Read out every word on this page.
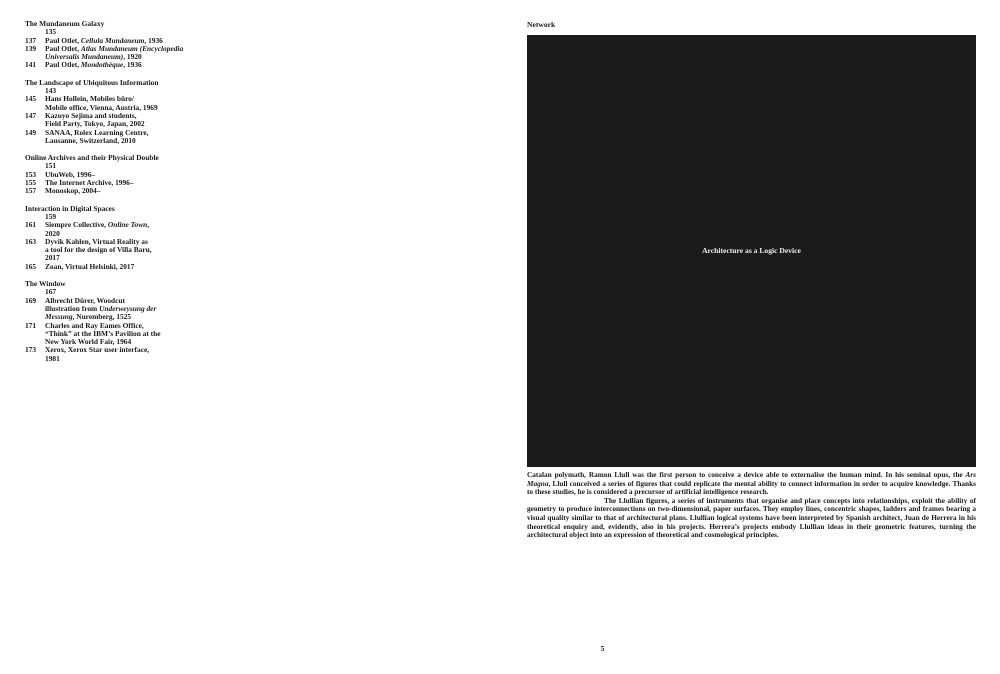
The Mundaneum Galaxy
135
137	Paul Otlet, Cellula Mundaneum, 1936
139	Paul Otlet, Atlas Mundaneum (Encyclopedia Universalis Mundaneum), 1920
141	Paul Otlet, Mondothèque, 1936
The Landscape of Ubiquitous Information
143
145	Hans Hollein, Mobiles büro/
Mobile office, Vienna, Austria, 1969
147	Kazuyo Sejima and students,
Field Party, Tokyo, Japan, 2002
149	SANAA, Rolex Learning Centre,
Lausanne, Switzerland, 2010
Online Archives and their Physical Double
151
153	UbuWeb, 1996–
155	The Internet Archive, 1996–
157	Monoskop, 2004–
Interaction in Digital Spaces
159
161	Siempre Collective, Online Town,
2020
163	Dyvik Kahlen, Virtual Reality as
a tool for the design of Villa Baru,
2017
165	Zoan, Virtual Helsinki, 2017
The Window
167
169	Albrecht Dürer, Woodcut
illustration from Underweysung der Messung, Nuremberg, 1525
171	Charles and Ray Eames Office,
“Think” at the IBM’s Pavilion at the
New York World Fair, 1964
173	Xerox, Xerox Star user interface,
1981
Network
Architecture as a Logic Device

Catalan polymath, Ramon Llull was the first person to conceive a device able to externalise the human mind. In his seminal opus, the Ars Magna, Llull conceived a series of figures that could replicate the mental ability to connect information in order to acquire knowledge. Thanks to these studies, he is considered a precursor of artificial intelligence research.

The Llullian figures, a series of instruments that organise and place concepts into relationships, exploit the ability of geometry to produce interconnections on two-dimensional, paper surfaces. They employ lines, concentric shapes, ladders and frames bearing a visual quality similar to that of architectural plans. Llullian logical systems have been interpreted by Spanish architect, Juan de Herrera in his theoretical enquiry and, evidently, also in his projects. Herrera’s projects embody Llullian ideas in their geometric features, turning the architectural object into an expression of theoretical and cosmological principles.

5
